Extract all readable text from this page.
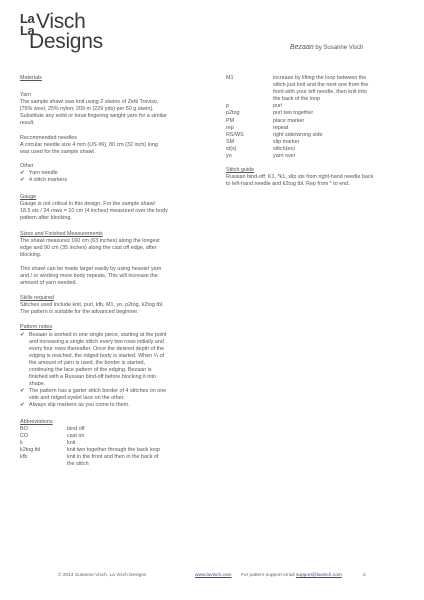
La
La Visch
Designs	Bezaan by Susanne Visch

Materials

Yarn

The sample shawl was knit using 2 skeins of Zetti Treviso,

[75% wool, 25% nylon; 209 m (229 yds) per 50 g skein].

Substitute any solid or tonal fingering weight yarn for a similar

result.

Recommended needles

A circular needle size 4 mm (US #6), 80 cm (32 inch) long

was used for the sample shawl.

Other

✔ Yarn needle
✔ 4 stitch markers

Gauge

Gauge is not critical in this design. For the sample shawl:

18.5 sts / 24 rows = 10 cm (4 inches) measured over the body

pattern after blocking.

Sizes and Finished Measurements

The shawl measures 160 cm (63 inches) along the longest

edge and 90 cm (35 inches) along the cast off edge, after

blocking.

This shawl can be made larger easily by using heavier yarn

and / or working more body repeats. This will increase the

amount of yarn needed.

Skills required

Stitches used include knit, purl, kfb, M1, yo, p2tog, k2tog tbl.

The pattern is suitable for the advanced beginner.

Pattern notes

✔ Bezaan is worked in one single piece, starting at the point

and increasing a single stitch every two rows initially and

every four rows thereafter. Once the desired depth of the

edging is reached, the ridged body is started. When ¼ of

the amount of yarn is used, the border is started,

continuing the lace pattern of the edging. Bezaan is

finished with a Russian bind-off before blocking it into

shape.

✔ The pattern has a garter stitch border of 4 stitches on one

side and ridged eyelet lace on the other.

✔ Always slip markers as you come to them.

Abbreviations

BO	bind off
CO	cast on
k	knit
k2tog tbl	knit two together through the back loop
kfb	knit in the front and then in the back of

the stitch

M1	increase by lifting the loop between the

stitch just knit and the next one from the

front with your left needle, then knit into

the back of the loop

p	purl
p2tog	purl two together
PM	place marker
rep	repeat
RS/WS	right side/wrong side
SM	slip marker
st(s)	stitch(es)
yo	yarn over

Stitch guide

Russian bind-off: K1, *k1, slip sts from right-hand needle back

to left-hand needle and k2tog tbl. Rep from * to end.

© 2014 Susanne Visch, La Visch Designs	www.lavisch.com For pattern support email support@lavisch.com	2
